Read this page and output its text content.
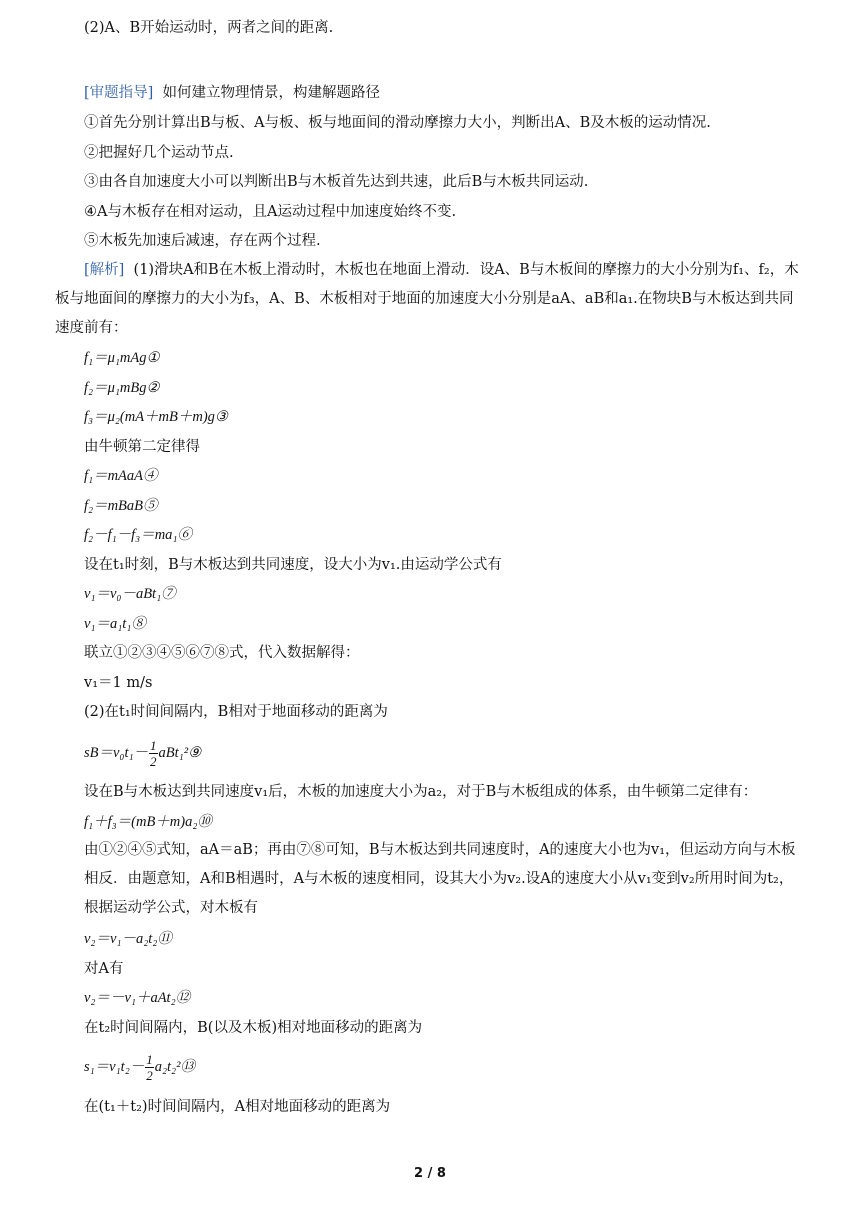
(2)A、B开始运动时，两者之间的距离.
[审题指导] 如何建立物理情景，构建解题路径
①首先分别计算出B与板、A与板、板与地面间的滑动摩擦力大小，判断出A、B及木板的运动情况.
②把握好几个运动节点.
③由各自加速度大小可以判断出B与木板首先达到共速，此后B与木板共同运动.
④A与木板存在相对运动，且A运动过程中加速度始终不变.
⑤木板先加速后减速，存在两个过程.
[解析] (1)滑块A和B在木板上滑动时，木板也在地面上滑动．设A、B与木板间的摩擦力的大小分别为f₁、f₂，木板与地面间的摩擦力的大小为f₃，A、B、木板相对于地面的加速度大小分别是aA、aB和a₁.在物块B与木板达到共同速度前有：
f₁＝μ₁mAg①
f₂＝μ₁mBg②
f₃＝μ₂(mA＋mB＋m)g③
由牛顿第二定律得
f₁＝mAaA④
f₂＝mBaB⑤
f₂－f₁－f₃＝ma₁⑥
设在t₁时刻，B与木板达到共同速度，设大小为v₁.由运动学公式有
v₁＝v₀－aBt₁⑦
v₁＝a₁t₁⑧
联立①②③④⑤⑥⑦⑧式，代入数据解得：
v₁＝1 m/s
(2)在t₁时间间隔内，B相对于地面移动的距离为
$sB=v_0t_1- \frac{1}{2}$ aBt₁²⑨
设在B与木板达到共同速度v₁后，木板的加速度大小为a₂，对于B与木板组成的体系，由牛顿第二定律有：
f₁＋f₃＝(mB＋m)a₂⑩
由①②④⑤式知，aA＝aB；再由⑦⑧可知，B与木板达到共同速度时，A的速度大小也为v₁，但运动方向与木板相反．由题意知，A和B相遇时，A与木板的速度相同，设其大小为v₂.设A的速度大小从v₁变到v₂所用时间为t₂，根据运动学公式，对木板有
v₂＝v₁－a₂t₂⑪
对A有
v₂＝－v₁＋aAt₂⑫
在t₂时间间隔内，B(以及木板)相对地面移动的距离为
$s_1=v_1t_2- \frac{1}{2}$ a₂t₂²⑬
在(t₁＋t₂)时间间隔内，A相对地面移动的距离为
2 / 8
